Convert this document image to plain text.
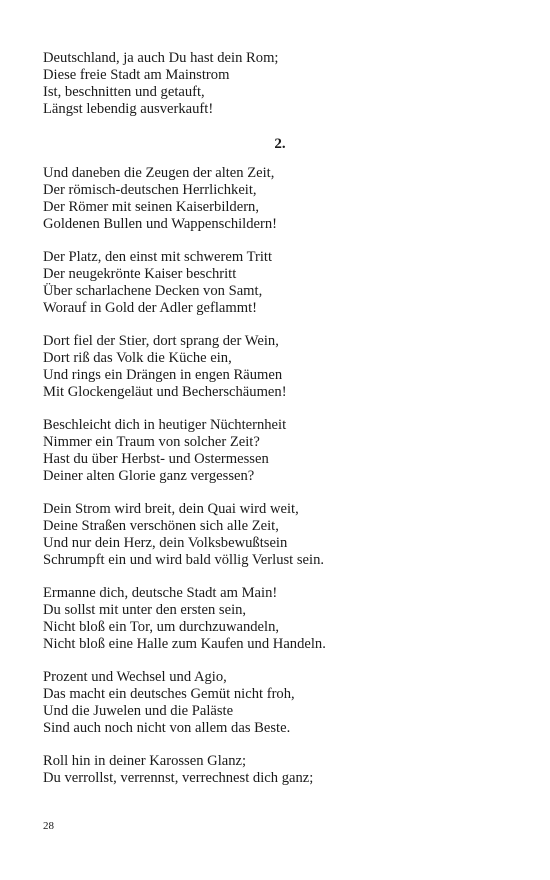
Deutschland, ja auch Du hast dein Rom;
Diese freie Stadt am Mainstrom
Ist, beschnitten und getauft,
Längst lebendig ausverkauft!
2.
Und daneben die Zeugen der alten Zeit,
Der römisch-deutschen Herrlichkeit,
Der Römer mit seinen Kaiserbildern,
Goldenen Bullen und Wappenschildern!
Der Platz, den einst mit schwerem Tritt
Der neugekrönte Kaiser beschritt
Über scharlachene Decken von Samt,
Worauf in Gold der Adler geflammt!
Dort fiel der Stier, dort sprang der Wein,
Dort riß das Volk die Küche ein,
Und rings ein Drängen in engen Räumen
Mit Glockengeläut und Becherschäumen!
Beschleicht dich in heutiger Nüchternheit
Nimmer ein Traum von solcher Zeit?
Hast du über Herbst- und Ostermessen
Deiner alten Glorie ganz vergessen?
Dein Strom wird breit, dein Quai wird weit,
Deine Straßen verschönen sich alle Zeit,
Und nur dein Herz, dein Volksbewußtsein
Schrumpft ein und wird bald völlig Verlust sein.
Ermanne dich, deutsche Stadt am Main!
Du sollst mit unter den ersten sein,
Nicht bloß ein Tor, um durchzuwandeln,
Nicht bloß eine Halle zum Kaufen und Handeln.
Prozent und Wechsel und Agio,
Das macht ein deutsches Gemüt nicht froh,
Und die Juwelen und die Paläste
Sind auch noch nicht von allem das Beste.
Roll hin in deiner Karossen Glanz;
Du verrollst, verrennst, verrechnest dich ganz;
28
